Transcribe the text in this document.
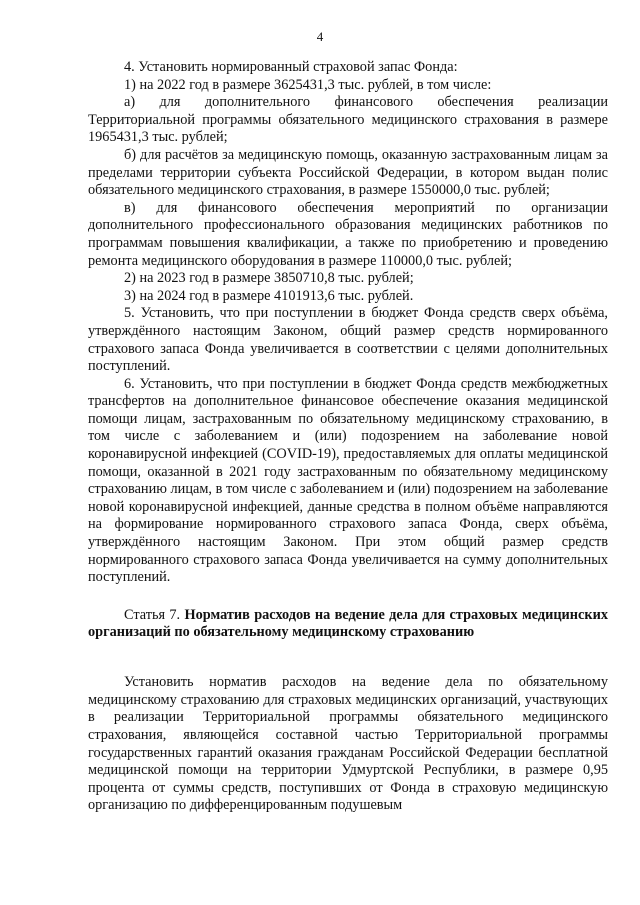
4

4. Установить нормированный страховой запас Фонда:

1) на 2022 год в размере 3625431,3 тыс. рублей, в том числе:

а) для дополнительного финансового обеспечения реализации Территориальной программы обязательного медицинского страхования в размере 1965431,3 тыс. рублей;

б) для расчётов за медицинскую помощь, оказанную застрахованным лицам за пределами территории субъекта Российской Федерации, в котором выдан полис обязательного медицинского страхования, в размере 1550000,0 тыс. рублей;

в) для финансового обеспечения мероприятий по организации дополнительного профессионального образования медицинских работников по программам повышения квалификации, а также по приобретению и проведению ремонта медицинского оборудования в размере 110000,0 тыс. рублей;

2) на 2023 год в размере 3850710,8 тыс. рублей;

3) на 2024 год в размере 4101913,6 тыс. рублей.

5. Установить, что при поступлении в бюджет Фонда средств сверх объёма, утверждённого настоящим Законом, общий размер средств нормированного страхового запаса Фонда увеличивается в соответствии с целями дополнительных поступлений.

6. Установить, что при поступлении в бюджет Фонда средств межбюджетных трансфертов на дополнительное финансовое обеспечение оказания медицинской помощи лицам, застрахованным по обязательному медицинскому страхованию, в том числе с заболеванием и (или) подозрением на заболевание новой коронавирусной инфекцией (COVID-19), предоставляемых для оплаты медицинской помощи, оказанной в 2021 году застрахованным по обязательному медицинскому страхованию лицам, в том числе с заболеванием и (или) подозрением на заболевание новой коронавирусной инфекцией, данные средства в полном объёме направляются на формирование нормированного страхового запаса Фонда, сверх объёма, утверждённого настоящим Законом. При этом общий размер средств нормированного страхового запаса Фонда увеличивается на сумму дополнительных поступлений.

Статья 7. Норматив расходов на ведение дела для страховых медицинских организаций по обязательному медицинскому страхованию

Установить норматив расходов на ведение дела по обязательному медицинскому страхованию для страховых медицинских организаций, участвующих в реализации Территориальной программы обязательного медицинского страхования, являющейся составной частью Территориальной программы государственных гарантий оказания гражданам Российской Федерации бесплатной медицинской помощи на территории Удмуртской Республики, в размере 0,95 процента от суммы средств, поступивших от Фонда в страховую медицинскую организацию по дифференцированным подушевым
